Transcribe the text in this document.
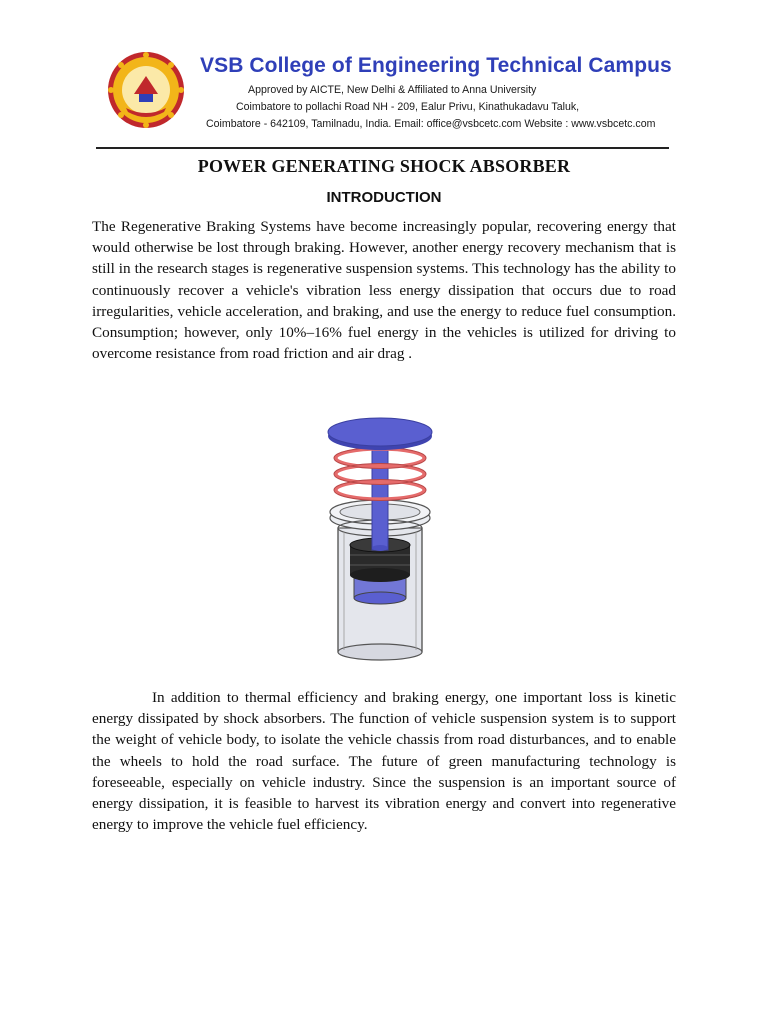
VSB College of Engineering Technical Campus
Approved by AICTE, New Delhi & Affiliated to Anna University
Coimbatore to pollachi Road NH - 209, Ealur Privu, Kinathukadavu Taluk,
Coimbatore - 642109, Tamilnadu, India. Email: office@vsbcetc.com Website : www.vsbcetc.com
POWER GENERATING SHOCK ABSORBER
INTRODUCTION

The Regenerative Braking Systems have become increasingly popular, recovering energy that would otherwise be lost through braking. However, another energy recovery mechanism that is still in the research stages is regenerative suspension systems. This technology has the ability to continuously recover a vehicle's vibration less energy dissipation that occurs due to road irregularities, vehicle acceleration, and braking, and use the energy to reduce fuel consumption. Consumption; however, only 10%–16% fuel energy in the vehicles is utilized for driving to overcome resistance from road friction and air drag .

In addition to thermal efficiency and braking energy, one important loss is kinetic energy dissipated by shock absorbers. The function of vehicle suspension system is to support the weight of vehicle body, to isolate the vehicle chassis from road disturbances, and to enable the wheels to hold the road surface. The future of green manufacturing technology is foreseeable, especially on vehicle industry. Since the suspension is an important source of energy dissipation, it is feasible to harvest its vibration energy and convert into regenerative energy to improve the vehicle fuel efficiency.
